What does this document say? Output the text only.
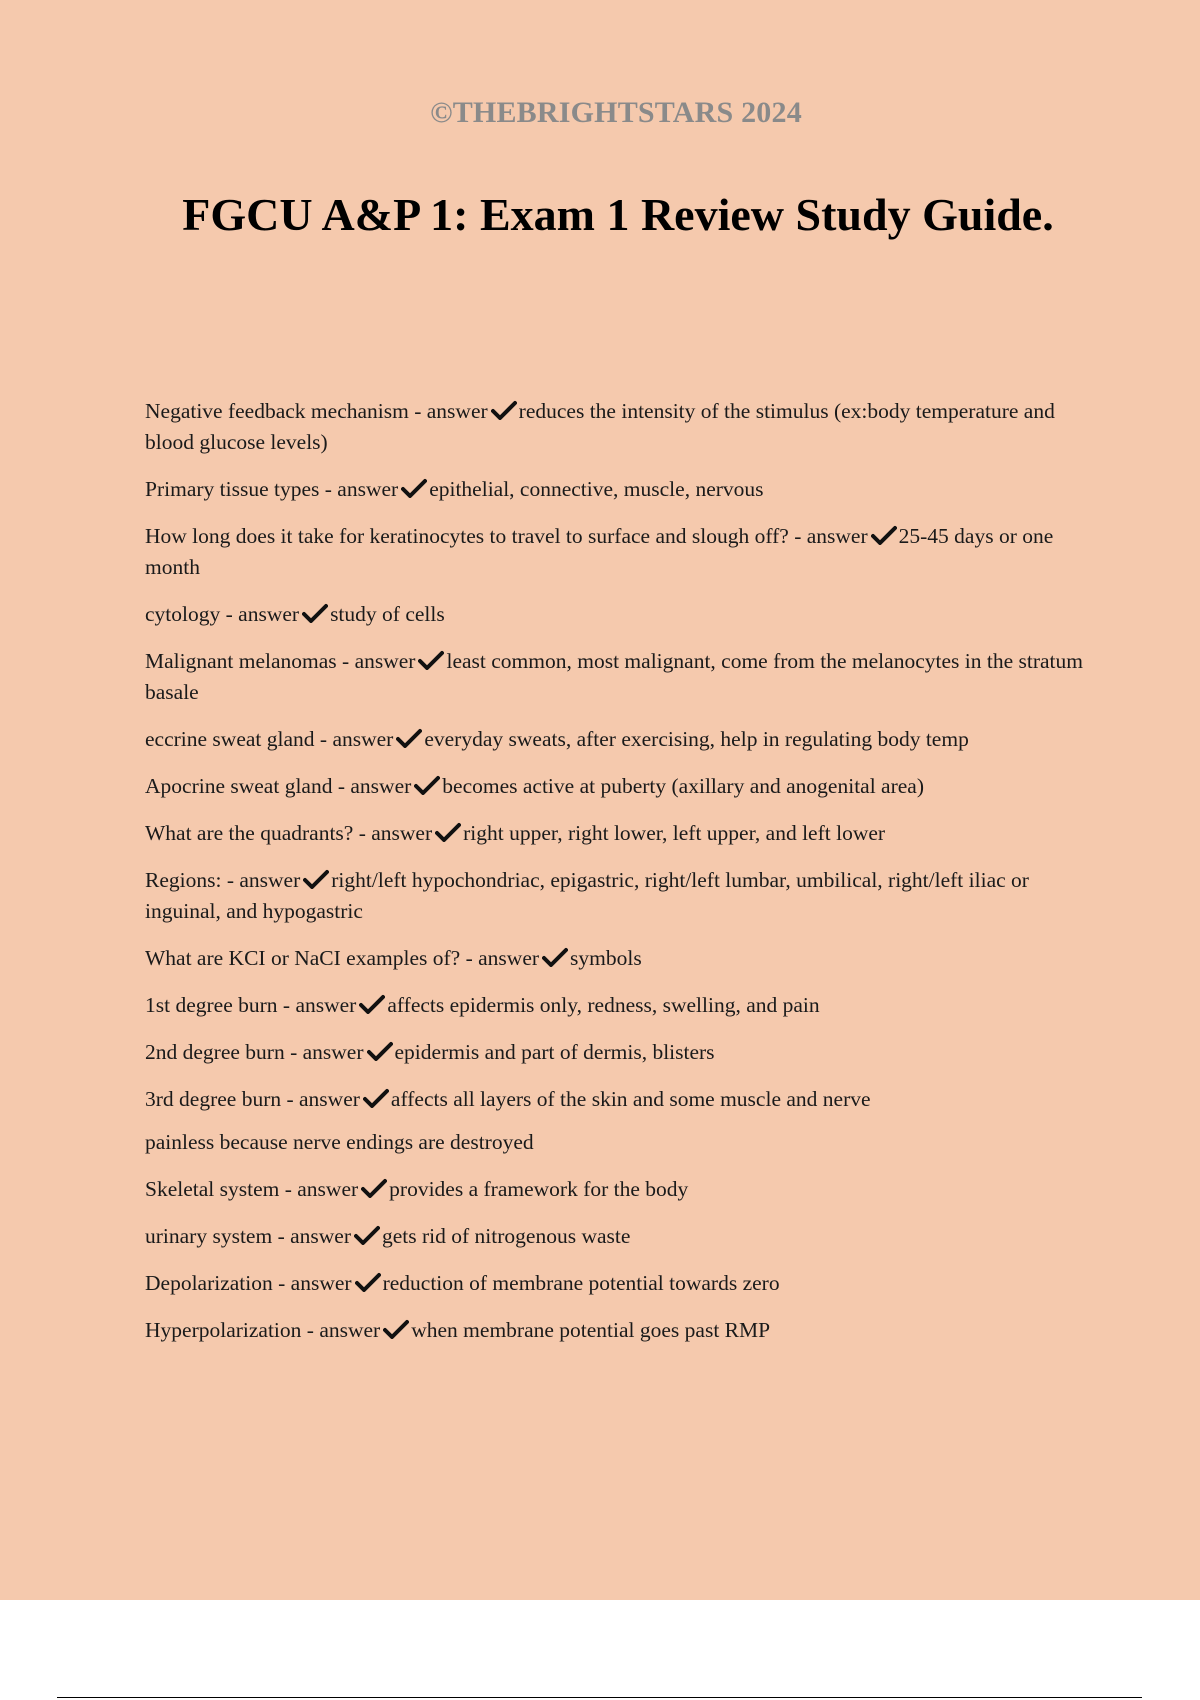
©THEBRIGHTSTARS 2024
FGCU A&P 1: Exam 1 Review Study Guide.
Negative feedback mechanism - answer reduces the intensity of the stimulus (ex:body temperature and blood glucose levels)
Primary tissue types - answer epithelial, connective, muscle, nervous
How long does it take for keratinocytes to travel to surface and slough off? - answer 25-45 days or one month
cytology - answer study of cells
Malignant melanomas - answer least common, most malignant, come from the melanocytes in the stratum basale
eccrine sweat gland - answer everyday sweats, after exercising, help in regulating body temp
Apocrine sweat gland - answer becomes active at puberty (axillary and anogenital area)
What are the quadrants? - answer right upper, right lower, left upper, and left lower
Regions: - answer right/left hypochondriac, epigastric, right/left lumbar, umbilical, right/left iliac or inguinal, and hypogastric
What are KCI or NaCI examples of? - answer symbols
1st degree burn - answer affects epidermis only, redness, swelling, and pain
2nd degree burn - answer epidermis and part of dermis, blisters
3rd degree burn - answer affects all layers of the skin and some muscle and nerve
painless because nerve endings are destroyed
Skeletal system - answer provides a framework for the body
urinary system - answer gets rid of nitrogenous waste
Depolarization - answer reduction of membrane potential towards zero
Hyperpolarization - answer when membrane potential goes past RMP
